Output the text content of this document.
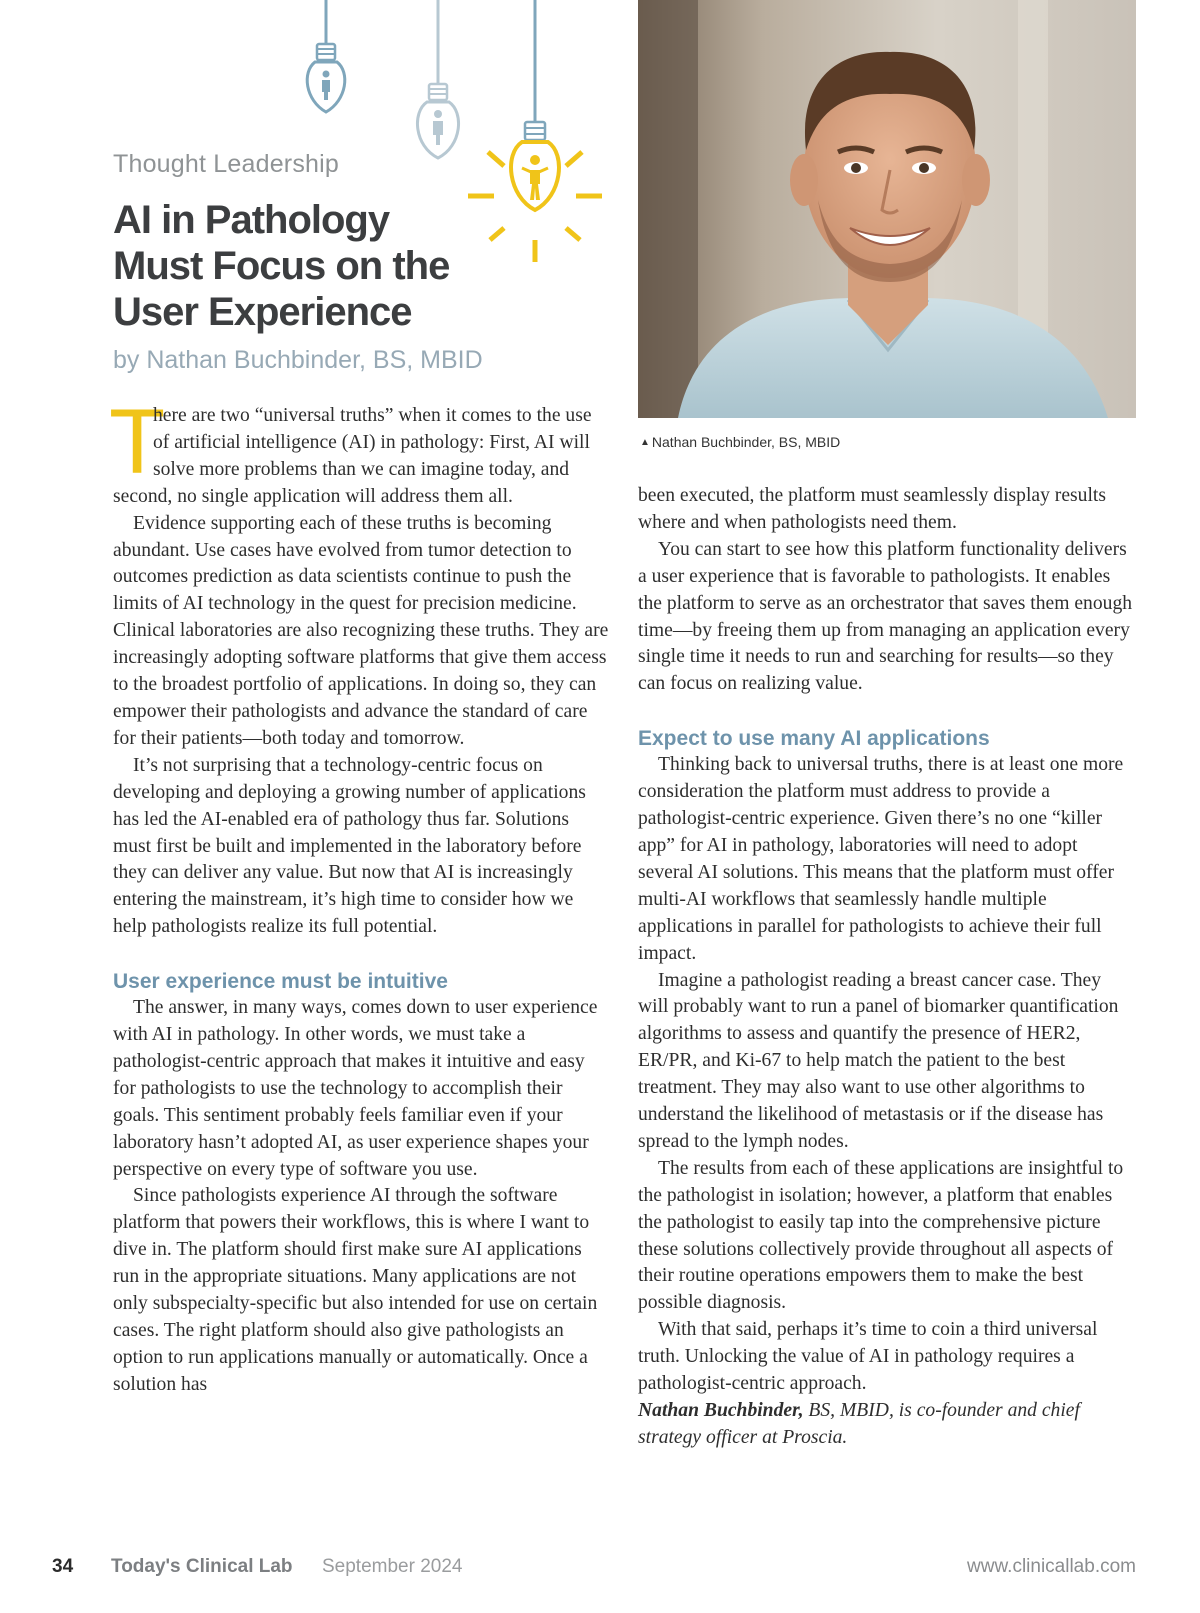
Thought Leadership
AI in Pathology
Must Focus on the
User Experience
by Nathan Buchbinder, BS, MBID
▲ Nathan Buchbinder, BS, MBID

T
here are two “universal truths” when it comes to the use of artificial intelligence (AI) in pathology: First, AI will solve more problems than we can imagine today, and second, no single application will address them all.

Evidence supporting each of these truths is becoming abundant. Use cases have evolved from tumor detection to outcomes prediction as data scientists continue to push the limits of AI technology in the quest for precision medicine. Clinical laboratories are also recognizing these truths. They are increasingly adopting software platforms that give them access to the broadest portfolio of applications. In doing so, they can empower their pathologists and advance the standard of care for their patients—both today and tomorrow.

It’s not surprising that a technology-centric focus on developing and deploying a growing number of applications has led the AI-enabled era of pathology thus far. Solutions must first be built and implemented in the laboratory before they can deliver any value. But now that AI is increasingly entering the mainstream, it’s high time to consider how we help pathologists realize its full potential.

User experience must be intuitive

The answer, in many ways, comes down to user experience with AI in pathology. In other words, we must take a pathologist-centric approach that makes it intuitive and easy for pathologists to use the technology to accomplish their goals. This sentiment probably feels familiar even if your laboratory hasn’t adopted AI, as user experience shapes your perspective on every type of software you use.

Since pathologists experience AI through the software platform that powers their workflows, this is where I want to dive in. The platform should first make sure AI applications run in the appropriate situations. Many applications are not only subspecialty-specific but also intended for use on certain cases. The right platform should also give pathologists an option to run applications manually or automatically. Once a solution has

been executed, the platform must seamlessly display results where and when pathologists need them.

You can start to see how this platform functionality delivers a user experience that is favorable to pathologists. It enables the platform to serve as an orchestrator that saves them enough time—by freeing them up from managing an application every single time it needs to run and searching for results—so they can focus on realizing value.

Expect to use many AI applications

Thinking back to universal truths, there is at least one more consideration the platform must address to provide a pathologist-centric experience. Given there’s no one “killer app” for AI in pathology, laboratories will need to adopt several AI solutions. This means that the platform must offer multi-AI workflows that seamlessly handle multiple applications in parallel for pathologists to achieve their full impact.

Imagine a pathologist reading a breast cancer case. They will probably want to run a panel of biomarker quantification algorithms to assess and quantify the presence of HER2, ER/PR, and Ki-67 to help match the patient to the best treatment. They may also want to use other algorithms to understand the likelihood of metastasis or if the disease has spread to the lymph nodes.

The results from each of these applications are insightful to the pathologist in isolation; however, a platform that enables the pathologist to easily tap into the comprehensive picture these solutions collectively provide throughout all aspects of their routine operations empowers them to make the best possible diagnosis.

With that said, perhaps it’s time to coin a third universal truth. Unlocking the value of AI in pathology requires a pathologist-centric approach.

Nathan Buchbinder, BS, MBID, is co-founder and chief strategy officer at Proscia.

34 Today's Clinical Lab September 2024	www.clinicallab.com
